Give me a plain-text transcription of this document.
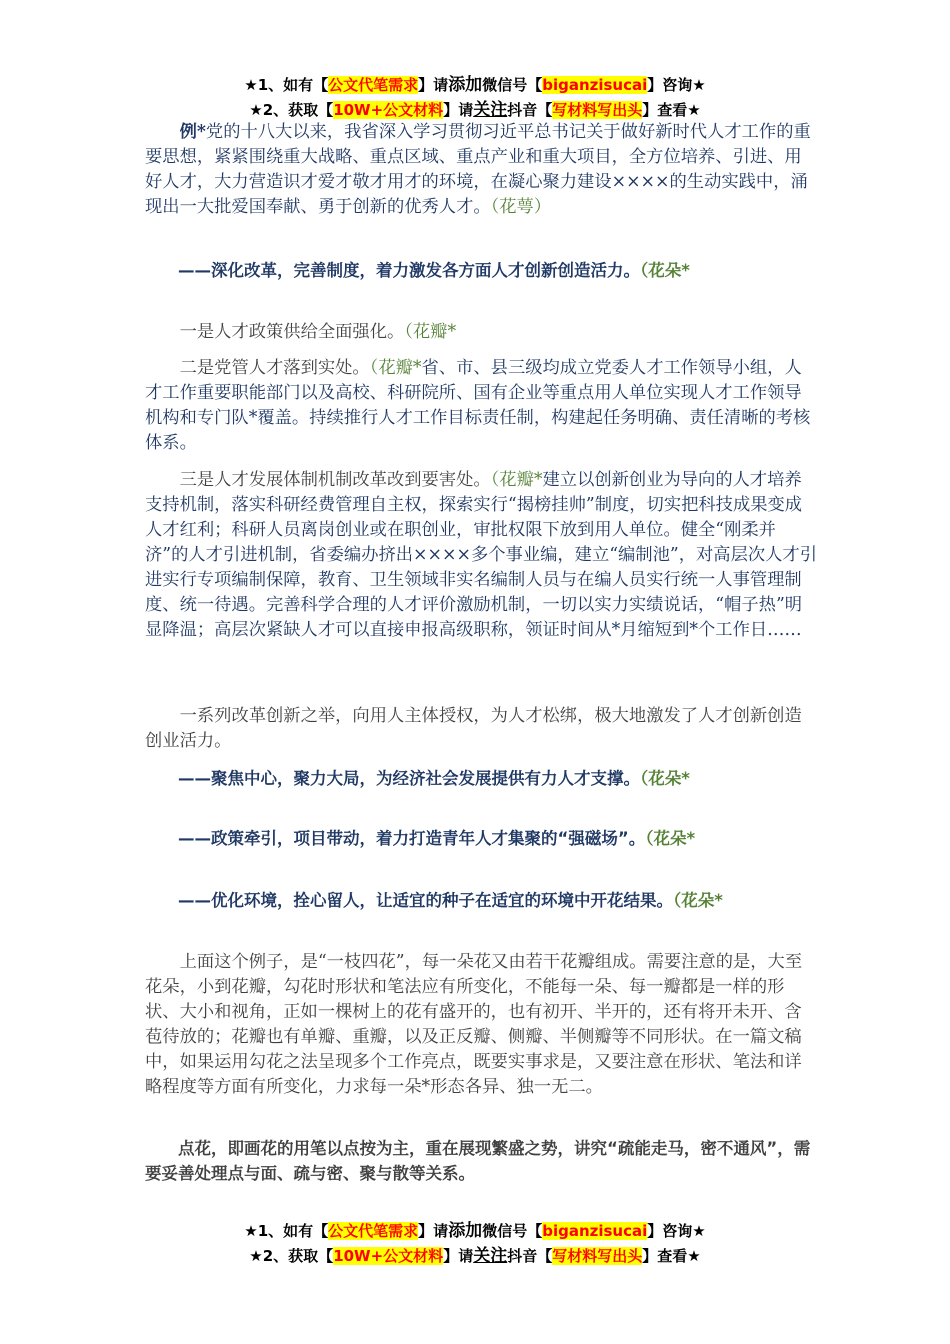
★1、如有【公文代笔需求】请添加微信号【biganzisucai】咨询★
★2、获取【10W+公文材料】请关注抖音【写材料写出头】查看★

例*党的十八大以来，我省深入学习贯彻习近平总书记关于做好新时代人才工作的重要思想，紧紧围绕重大战略、重点区域、重点产业和重大项目，全方位培养、引进、用好人才，大力营造识才爱才敬才用才的环境，在凝心聚力建设××××的生动实践中，涌现出一大批爱国奉献、勇于创新的优秀人才。（花萼）

——深化改革，完善制度，着力激发各方面人才创新创造活力。（花朵*

一是人才政策供给全面强化。（花瓣*

二是党管人才落到实处。（花瓣*省、市、县三级均成立党委人才工作领导小组，人才工作重要职能部门以及高校、科研院所、国有企业等重点用人单位实现人才工作领导机构和专门队*覆盖。持续推行人才工作目标责任制，构建起任务明确、责任清晰的考核体系。

三是人才发展体制机制改革改到要害处。（花瓣*建立以创新创业为导向的人才培养支持机制，落实科研经费管理自主权，探索实行“揭榜挂帅”制度，切实把科技成果变成人才红利；科研人员离岗创业或在职创业，审批权限下放到用人单位。健全“刚柔并济”的人才引进机制，省委编办挤出××××多个事业编，建立“编制池”，对高层次人才引进实行专项编制保障，教育、卫生领域非实名编制人员与在编人员实行统一人事管理制度、统一待遇。完善科学合理的人才评价激励机制，一切以实力实绩说话，“帽子热”明显降温；高层次紧缺人才可以直接申报高级职称，领证时间从*月缩短到*个工作日……

一系列改革创新之举，向用人主体授权，为人才松绑，极大地激发了人才创新创造创业活力。

——聚焦中心，聚力大局，为经济社会发展提供有力人才支撑。（花朵*

——政策牵引，项目带动，着力打造青年人才集聚的“强磁场”。（花朵*

——优化环境，拴心留人，让适宜的种子在适宜的环境中开花结果。（花朵*

上面这个例子，是“一枝四花”，每一朵花又由若干花瓣组成。需要注意的是，大至花朵，小到花瓣，勾花时形状和笔法应有所变化，不能每一朵、每一瓣都是一样的形状、大小和视角，正如一棵树上的花有盛开的，也有初开、半开的，还有将开未开、含苞待放的；花瓣也有单瓣、重瓣，以及正反瓣、侧瓣、半侧瓣等不同形状。在一篇文稿中，如果运用勾花之法呈现多个工作亮点，既要实事求是，又要注意在形状、笔法和详略程度等方面有所变化，力求每一朵*形态各异、独一无二。

点花，即画花的用笔以点按为主，重在展现繁盛之势，讲究“疏能走马，密不通风”，需要妥善处理点与面、疏与密、聚与散等关系。

★1、如有【公文代笔需求】请添加微信号【biganzisucai】咨询★
★2、获取【10W+公文材料】请关注抖音【写材料写出头】查看★
